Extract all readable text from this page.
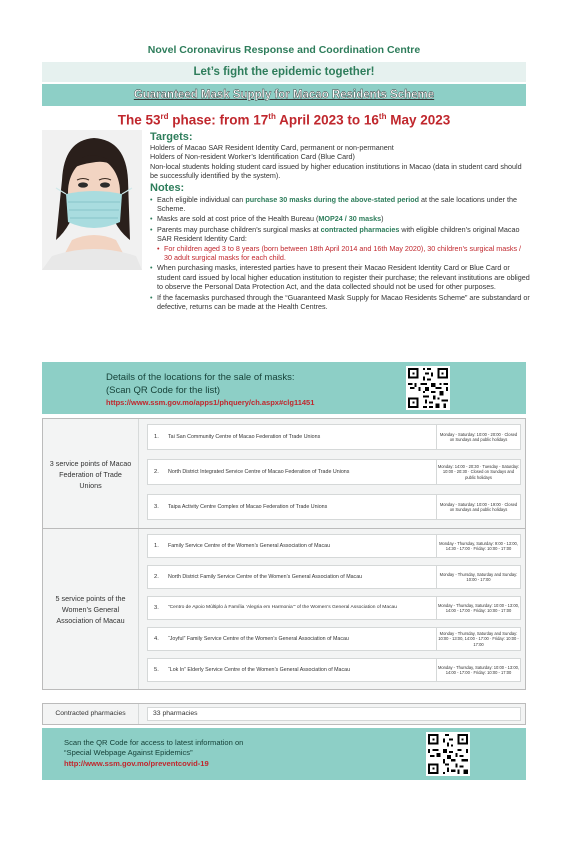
Novel Coronavirus Response and Coordination Centre
Let’s fight the epidemic together!
Guaranteed Mask Supply for Macao Residents Scheme
The 53rd phase: from 17th April 2023 to 16th May 2023
Targets:
Holders of Macao SAR Resident Identity Card, permanent or non-permanent
Holders of Non-resident Worker’s Identification Card (Blue Card)
Non-local students holding student card issued by higher education institutions in Macao (data in student card should be successfully identified by the system).
Notes:
• Each eligible individual can purchase 30 masks during the above-stated period at the sale locations under the Scheme.
• Masks are sold at cost price of the Health Bureau (MOP24 / 30 masks)
• Parents may purchase children’s surgical masks at contracted pharmacies with eligible children’s original Macao SAR Resident Identity Card:
• For children aged 3 to 8 years (born between 18th April 2014 and 16th May 2020), 30 children’s surgical masks / 30 adult surgical masks for each child.
• When purchasing masks, interested parties have to present their Macao Resident Identity Card or Blue Card or student card issued by local higher education institution to register their purchase; the relevant institutions are obliged to observe the Personal Data Protection Act, and the data collected should not be used for other purposes.
• If the facemasks purchased through the “Guaranteed Mask Supply for Macao Residents Scheme” are substandard or defective, returns can be made at the Health Centres.
Details of the locations for the sale of masks:
(Scan QR Code for the list)
https://www.ssm.gov.mo/apps1/phquery/ch.aspx#clg11451
3 service points of Macao Federation of Trade Unions
1. Tai San Community Centre of Macao Federation of Trade Unions	Monday - Saturday: 10:00 - 20:00 · Closed on Sundays and public holidays
2. North District Integrated Service Centre of Macao Federation of Trade Unions
Monday: 14:00 - 20:30 · Tuesday - Saturday: 10:00 - 20:30 · Closed on Sundays and public holidays
3. Taipa Activity Centre Complex of Macao Federation of Trade Unions	Monday - Saturday: 10:00 - 19:00 · Closed on Sundays and public holidays
5 service points of the Women’s General Association of Macau
1. Family Service Centre of the Women’s General Association of Macau	Monday - Thursday, Saturday: 9:00 - 13:00, 14:30 - 17:00 · Friday: 10:00 - 17:00
2. North District Family Service Centre of the Women’s General Association of Macau	Monday - Thursday, Saturday and Sunday: 10:00 - 17:00
3. “Centro de Apoio Múltiplo à Família ‘Alegria em Harmonia’” of the Women’s General Association of Macau	Monday - Thursday, Saturday: 10:00 - 13:00, 14:00 - 17:00 · Friday: 10:00 - 17:00
4. “Joyful” Family Service Centre of the Women’s General Association of Macau
Monday - Thursday, Saturday and Sunday: 10:00 - 13:00, 14:00 - 17:00 · Friday: 10:00 - 17:00
5. “Lok In” Elderly Service Centre of the Women’s General Association of Macau	Monday - Thursday, Saturday: 10:00 - 13:00, 14:00 - 17:00 · Friday: 10:00 - 17:00
Contracted pharmacies	33 pharmacies
Scan the QR Code for access to latest information on
“Special Webpage Against Epidemics”
http://www.ssm.gov.mo/preventcovid-19
